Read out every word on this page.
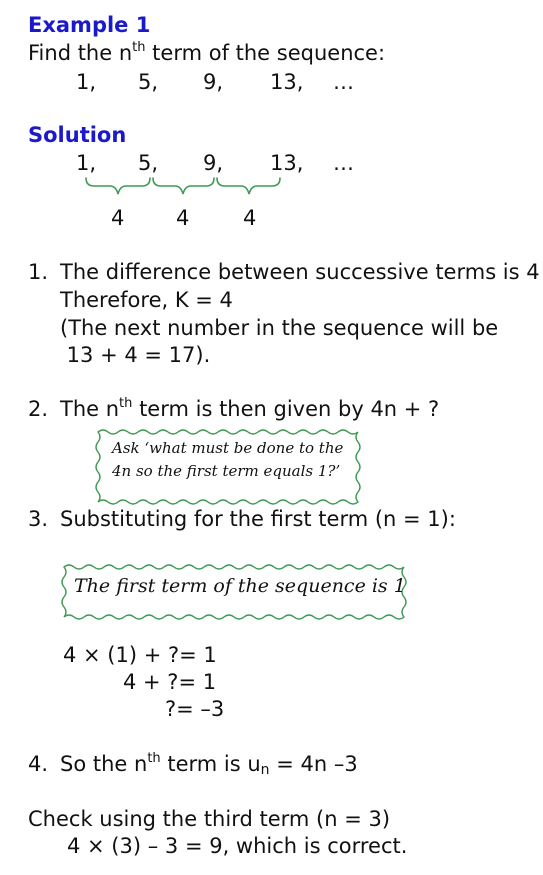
Example 1
Find the $n^{th}$ term of the sequence:
1, 5, 9, 13, …
Solution
1, 5, 9, 13, …
4 4	4
1. The difference between successive terms is 4
Therefore, K = 4
(The next number in the sequence will be
13 + 4 = 17).
2. The $n^{th}$ term is then given by 4n + ?
Ask ‘what must be done to the
4n so the first term equals 1?’
3. Substituting for the first term (n = 1):
The first term of the sequence is 1
4 × (1) + ?= 1
4 + ?= 1
?= –3
4. So the $n^{th}$ term is $u_n = 4n$ –3
Check using the third term (n = 3)
4 × (3) – 3 = 9, which is correct.
